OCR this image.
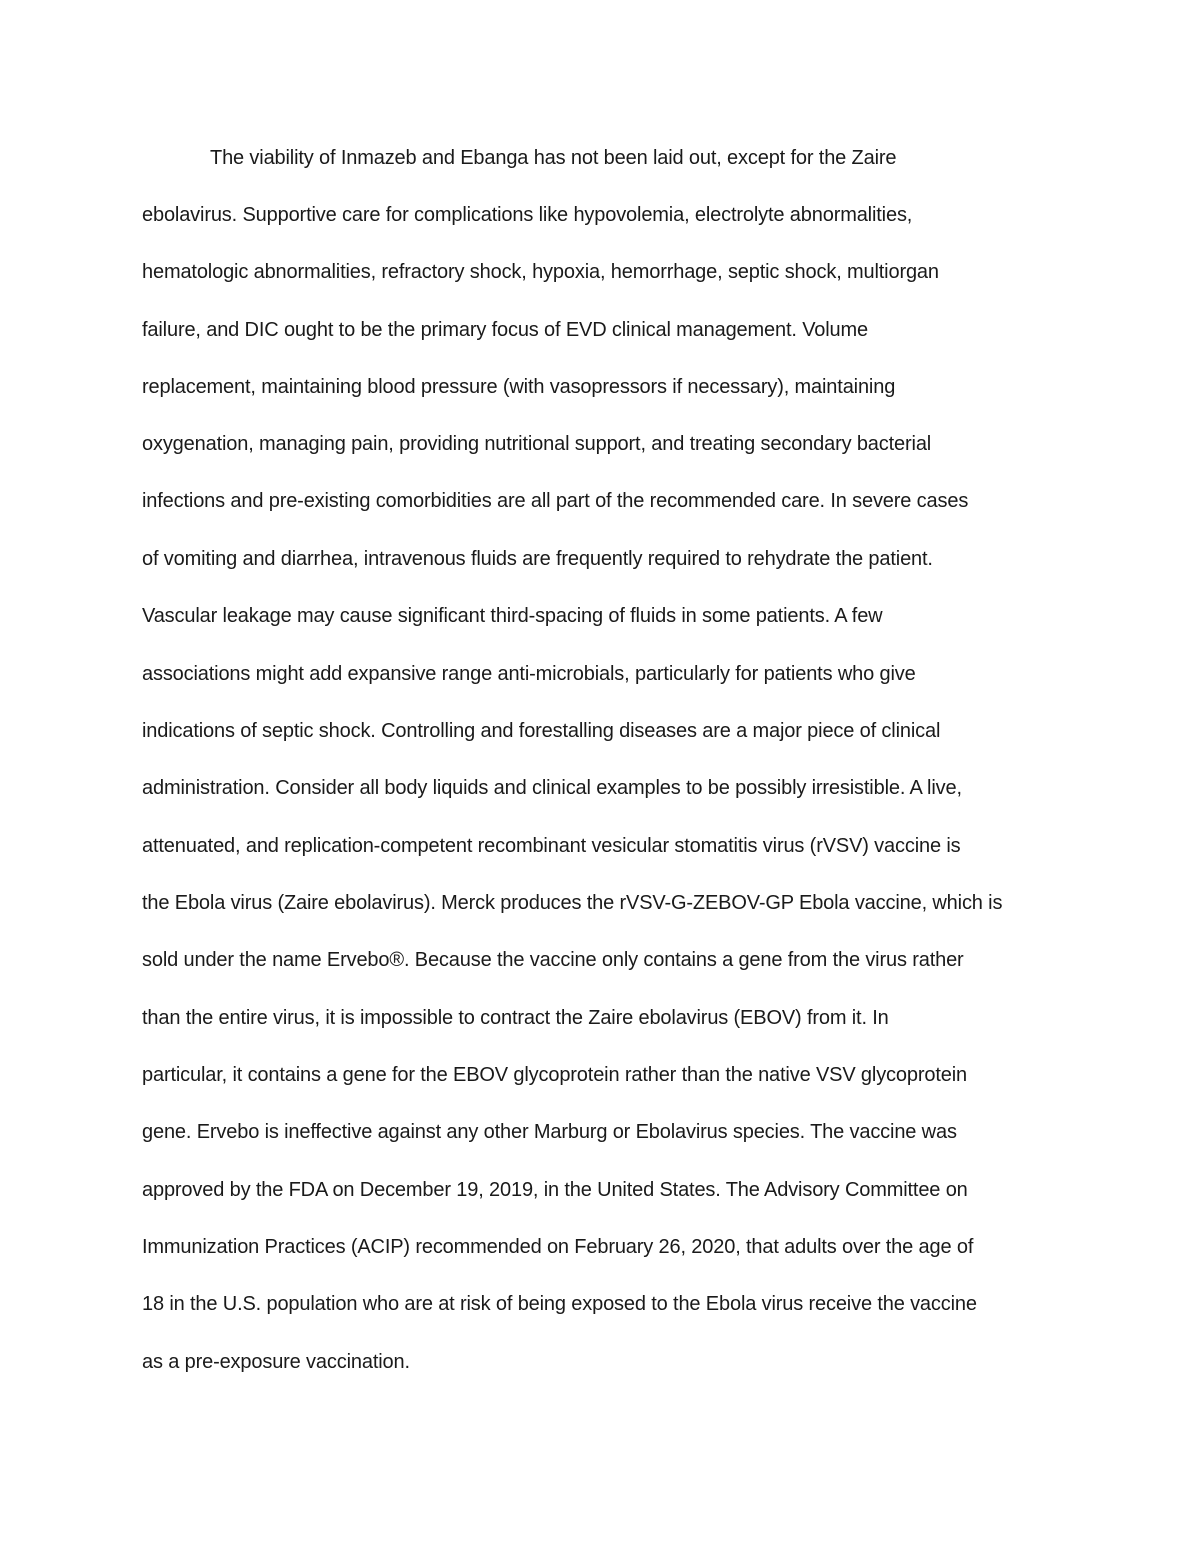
The viability of Inmazeb and Ebanga has not been laid out, except for the Zaire
ebolavirus. Supportive care for complications like hypovolemia, electrolyte abnormalities,
hematologic abnormalities, refractory shock, hypoxia, hemorrhage, septic shock, multiorgan
failure, and DIC ought to be the primary focus of EVD clinical management. Volume
replacement, maintaining blood pressure (with vasopressors if necessary), maintaining
oxygenation, managing pain, providing nutritional support, and treating secondary bacterial
infections and pre-existing comorbidities are all part of the recommended care. In severe cases
of vomiting and diarrhea, intravenous fluids are frequently required to rehydrate the patient.
Vascular leakage may cause significant third-spacing of fluids in some patients. A few
associations might add expansive range anti-microbials, particularly for patients who give
indications of septic shock. Controlling and forestalling diseases are a major piece of clinical
administration. Consider all body liquids and clinical examples to be possibly irresistible. A live,
attenuated, and replication-competent recombinant vesicular stomatitis virus (rVSV) vaccine is
the Ebola virus (Zaire ebolavirus). Merck produces the rVSV-G-ZEBOV-GP Ebola vaccine, which is
sold under the name Ervebo®. Because the vaccine only contains a gene from the virus rather
than the entire virus, it is impossible to contract the Zaire ebolavirus (EBOV) from it. In
particular, it contains a gene for the EBOV glycoprotein rather than the native VSV glycoprotein
gene. Ervebo is ineffective against any other Marburg or Ebolavirus species. The vaccine was
approved by the FDA on December 19, 2019, in the United States. The Advisory Committee on
Immunization Practices (ACIP) recommended on February 26, 2020, that adults over the age of
18 in the U.S. population who are at risk of being exposed to the Ebola virus receive the vaccine
as a pre-exposure vaccination.
